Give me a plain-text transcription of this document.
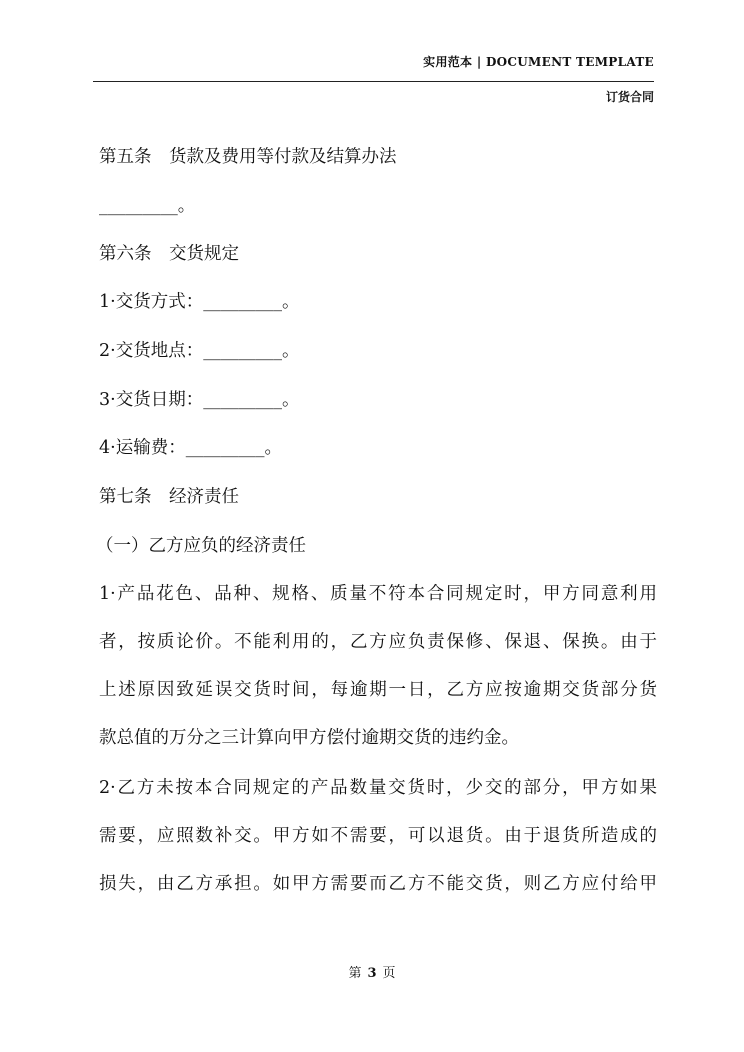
实用范本 | DOCUMENT TEMPLATE
订货合同
第五条　货款及费用等付款及结算办法
_________。
第六条　交货规定
1·交货方式：_________。
2·交货地点：_________。
3·交货日期：_________。
4·运输费：_________。
第七条　经济责任
（一）乙方应负的经济责任
1·产品花色、品种、规格、质量不符本合同规定时，甲方同意利用
者，按质论价。不能利用的，乙方应负责保修、保退、保换。由于
上述原因致延误交货时间，每逾期一日，乙方应按逾期交货部分货
款总值的万分之三计算向甲方偿付逾期交货的违约金。
2·乙方未按本合同规定的产品数量交货时，少交的部分，甲方如果
需要，应照数补交。甲方如不需要，可以退货。由于退货所造成的
损失，由乙方承担。如甲方需要而乙方不能交货，则乙方应付给甲
第 3 页
